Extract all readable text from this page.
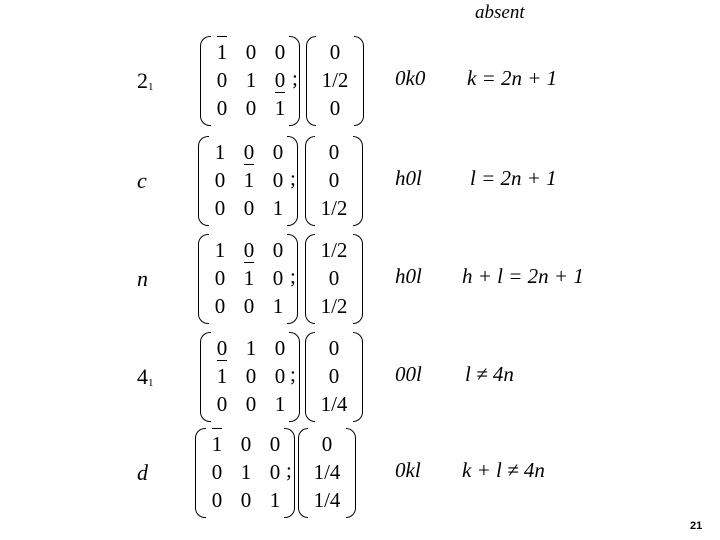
absent
$2_1$
1 0 0
0 1 0
0 0 1
;
0
1/2
0
0k0 k = 2n + 1
c
1 0 0
0 1 0
0 0 1
;
0
0
1/2
h0l l = 2n + 1
n
1 0 0
0 1 0
0 0 1
;
1/2
0
1/2
h0l h + l = 2n + 1
$4_1$
0 1 0
1 0 0
0 0 1
;
0
0
1/4
00l l ≠ 4n
d
1 0 0
0 1 0
0 0 1
;
0
1/4
1/4
0kl k + l ≠ 4n
21
